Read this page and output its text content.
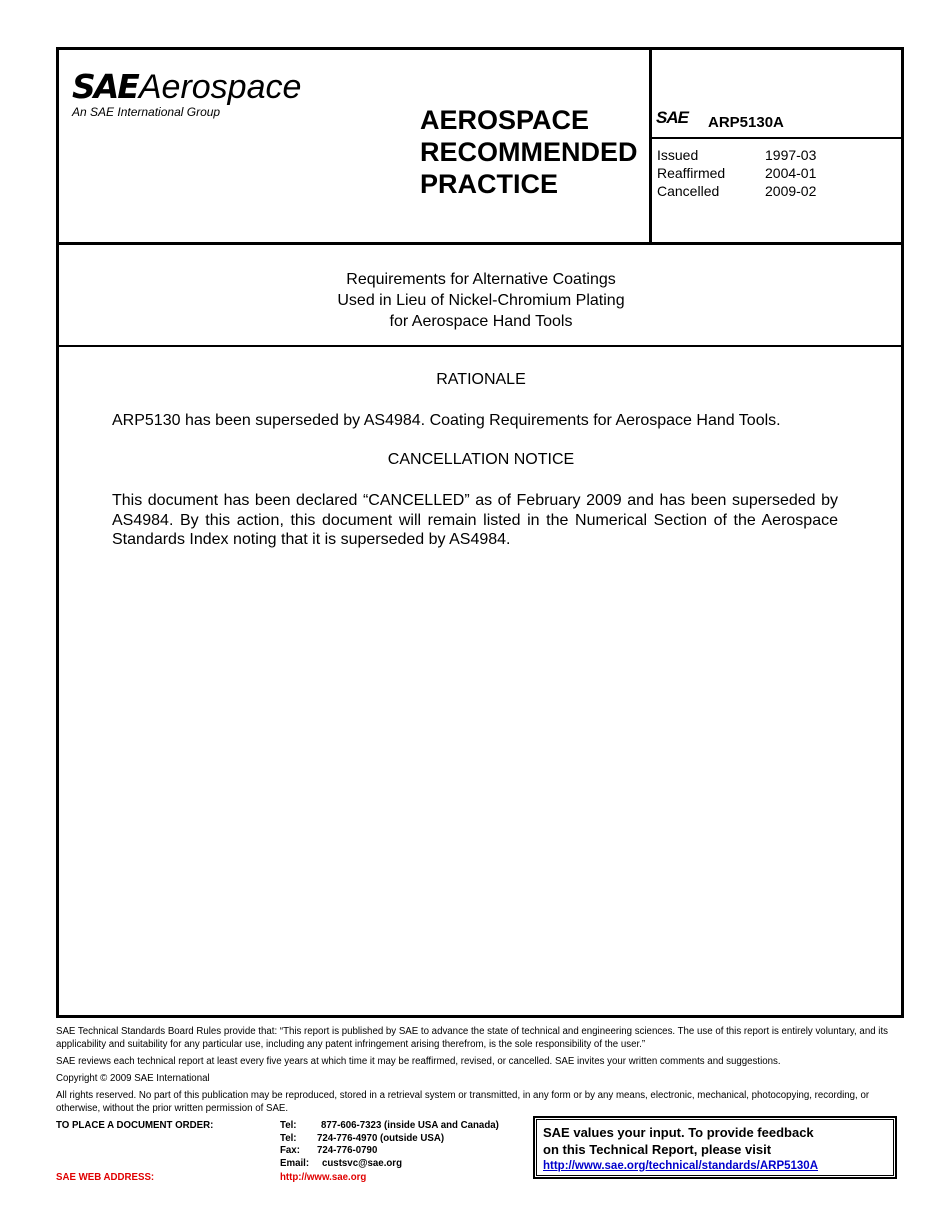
SAE Aerospace
An SAE International Group	AEROSPACE
RECOMMENDED
PRACTICE
SAE ARP5130A
Issued	1997-03
Reaffirmed	2004-01
Cancelled	2009-02
Requirements for Alternative Coatings
Used in Lieu of Nickel-Chromium Plating
for Aerospace Hand Tools
RATIONALE
ARP5130 has been superseded by AS4984. Coating Requirements for Aerospace Hand Tools.
CANCELLATION NOTICE
This document has been declared “CANCELLED” as of February 2009 and has been superseded by AS4984. By this action, this document will remain listed in the Numerical Section of the Aerospace Standards Index noting that it is superseded by AS4984.
SAE Technical Standards Board Rules provide that: “This report is published by SAE to advance the state of technical and engineering sciences. The use of this report is entirely voluntary, and its applicability and suitability for any particular use, including any patent infringement arising therefrom, is the sole responsibility of the user.”
SAE reviews each technical report at least every five years at which time it may be reaffirmed, revised, or cancelled. SAE invites your written comments and suggestions.
Copyright © 2009 SAE International
All rights reserved. No part of this publication may be reproduced, stored in a retrieval system or transmitted, in any form or by any means, electronic, mechanical, photocopying, recording, or otherwise, without the prior written permission of SAE.
TO PLACE A DOCUMENT ORDER:	Tel:	877-606-7323 (inside USA and Canada)
Tel: 724-776-4970 (outside USA)
Fax: 724-776-0790
Email: custsvc@sae.org
SAE WEB ADDRESS:	http://www.sae.org
SAE values your input. To provide feedback
on this Technical Report, please visit
http://www.sae.org/technical/standards/ARP5130A
